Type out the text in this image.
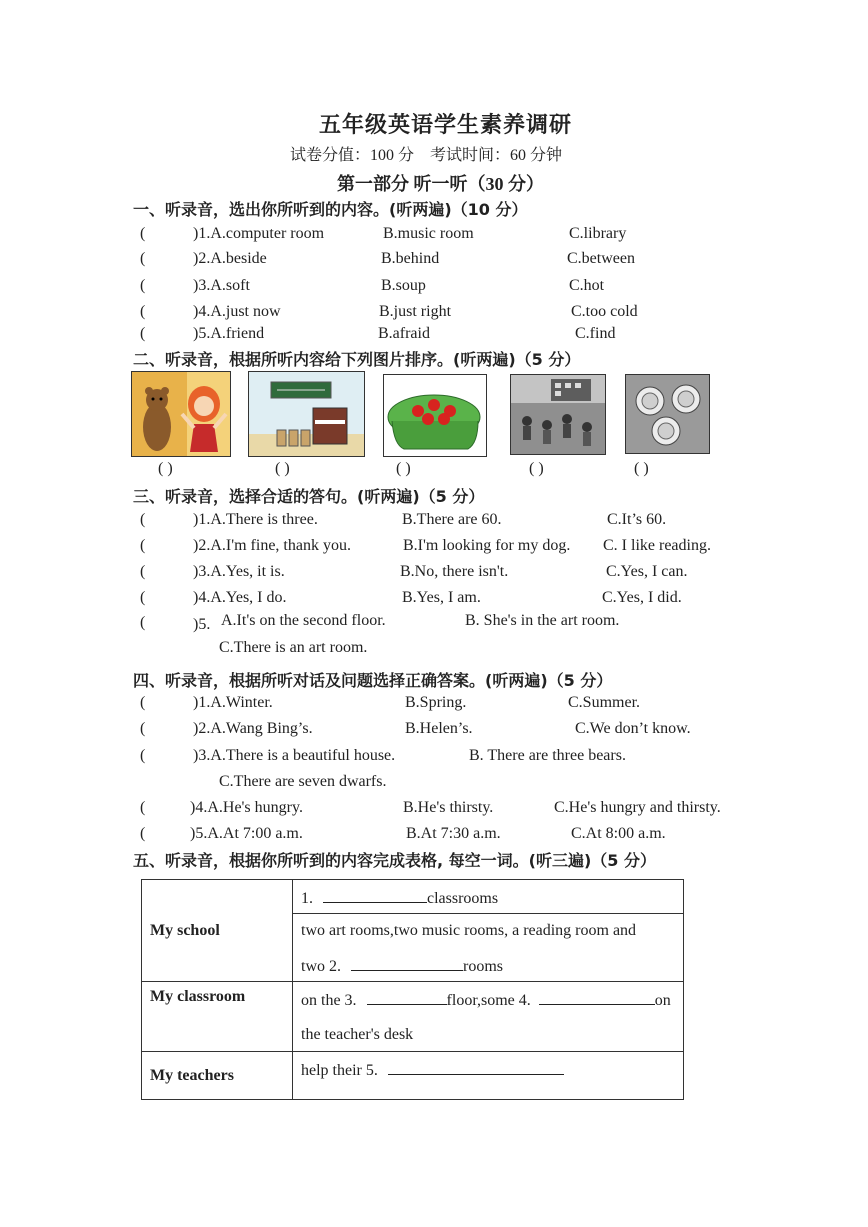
五年级英语学生素养调研
试卷分值：100 分　考试时间：60 分钟
第一部分 听一听（30 分）
一、听录音，选出你所听到的内容。(听两遍)（10 分）
(	)1.A.computer room	B.music room	C.library
(	)2.A.beside	B.behind	C.between
(	)3.A.soft	B.soup	C.hot
(	)4.A.just now	B.just right	C.too cold
(	)5.A.friend	B.afraid	C.find
二、听录音，根据所听内容给下列图片排序。(听两遍)（5 分）
( )	( )	( )	( )	( )
三、听录音，选择合适的答句。(听两遍)（5 分）
(	)1.A.There is three.	B.There are 60.	C.It’s 60.
(	)2.A.I'm fine, thank you.	B.I'm looking for my dog. C. I like reading.
(	)3.A.Yes, it is.	B.No, there isn't.	C.Yes, I can.
(	)4.A.Yes, I do.	B.Yes, I am.	C.Yes, I did.
(	)5. A.It's on the second floor.	B. She's in the art room.
C.There is an art room.
四、听录音，根据所听对话及问题选择正确答案。(听两遍)（5 分）
(	)1.A.Winter.	B.Spring.	C.Summer.
(	)2.A.Wang Bing’s.	B.Helen’s.	C.We don’t know.
(	)3.A.There is a beautiful house.	B. There are three bears.
C.There are seven dwarfs.
(	)4.A.He's hungry.	B.He's thirsty.	C.He's hungry and thirsty.
(	)5.A.At 7:00 a.m.	B.At 7:30 a.m.	C.At 8:00 a.m.
五、听录音，根据你所听到的内容完成表格, 每空一词。(听三遍)（5 分）
My school	1. classrooms

	two art rooms,two music rooms, a reading room and
two 2. rooms

My classroom	on the 3. floor,some 4. on
the teacher's desk

My teachers	help their 5.
